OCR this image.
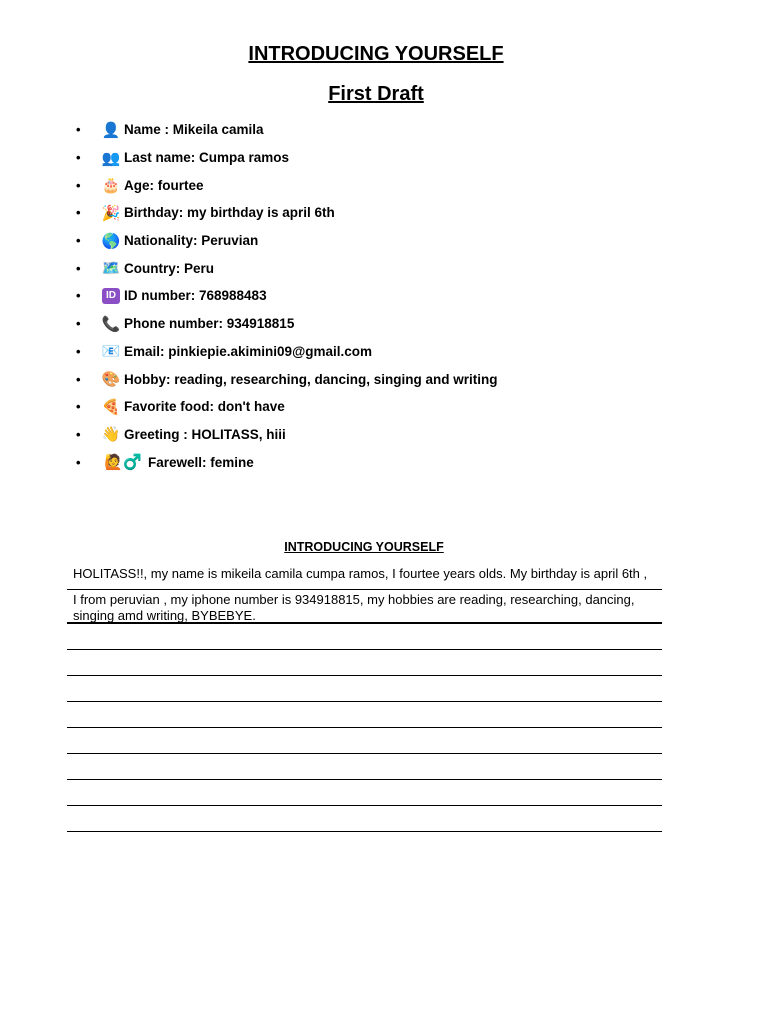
INTRODUCING YOURSELF
First Draft
•	👤 Name : Mikeila camila
•	👥 Last name: Cumpa ramos
•	🎂 Age: fourtee
•	🎉 Birthday: my birthday is april 6th
•	🌎 Nationality: Peruvian
•	🗺️ Country: Peru
•	ID ID number: 768988483
•	📞 Phone number: 934918815
•	📧 Email: pinkiepie.akimini09@gmail.com
•	🎨 Hobby: reading, researching, dancing, singing and writing
•	🍕 Favorite food: don't have
•	👋 Greeting : HOLITASS, hiii
•	🙋♂️ Farewell: femine
INTRODUCING YOURSELF
HOLITASS!!, my name is mikeila camila cumpa ramos, I fourtee years olds. My birthday is april 6th ,
I from peruvian , my iphone number is 934918815, my hobbies are reading, researching, dancing, singing amd writing, BYBEBYE.
